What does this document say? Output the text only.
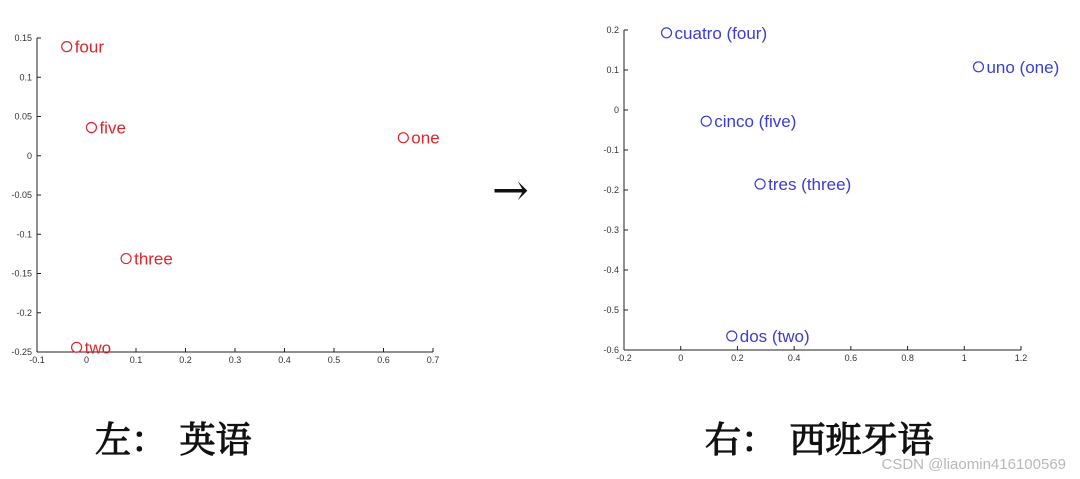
-0.1	0	0.1	0.2	0.3	0.4	0.5	0.6	0.7
0.15
0.1
0.05
0
-0.05
-0.1
-0.15
-0.2
-0.25
four
five
one
three
two
-0.2	0	0.2	0.4	0.6	0.8	1	1.2
0.2
0.1
0
-0.1
-0.2
-0.3
-0.4
-0.5
-0.6
cuatro (four)
uno (one)
cinco (five)
tres (three)
dos (two)
→
左： 英语	右： 西班牙语
CSDN @liaomin416100569
